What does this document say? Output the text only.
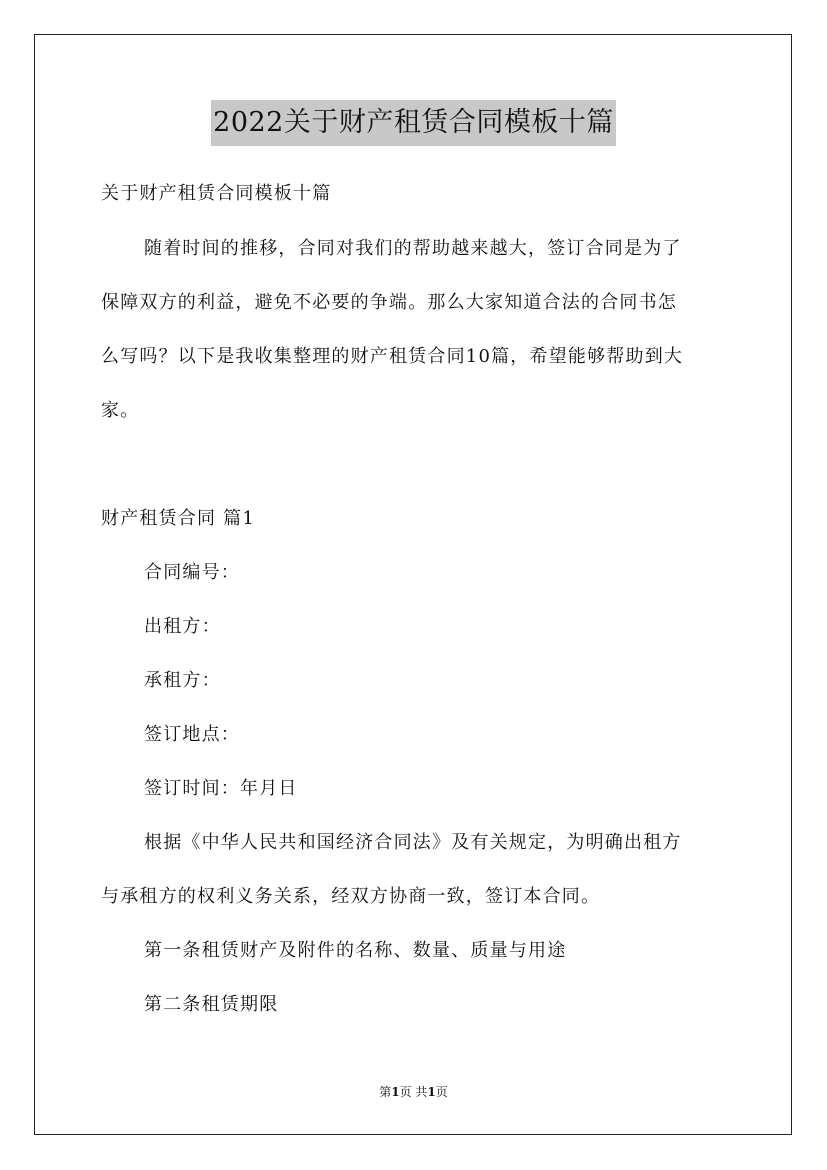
2022关于财产租赁合同模板十篇
关于财产租赁合同模板十篇
随着时间的推移，合同对我们的帮助越来越大，签订合同是为了
保障双方的利益，避免不必要的争端。那么大家知道合法的合同书怎
么写吗？以下是我收集整理的财产租赁合同10篇，希望能够帮助到大
家。
财产租赁合同 篇1
合同编号：
出租方：
承租方：
签订地点：
签订时间：年月日
根据《中华人民共和国经济合同法》及有关规定，为明确出租方
与承租方的权利义务关系，经双方协商一致，签订本合同。
第一条租赁财产及附件的名称、数量、质量与用途
第二条租赁期限
第1页 共1页
